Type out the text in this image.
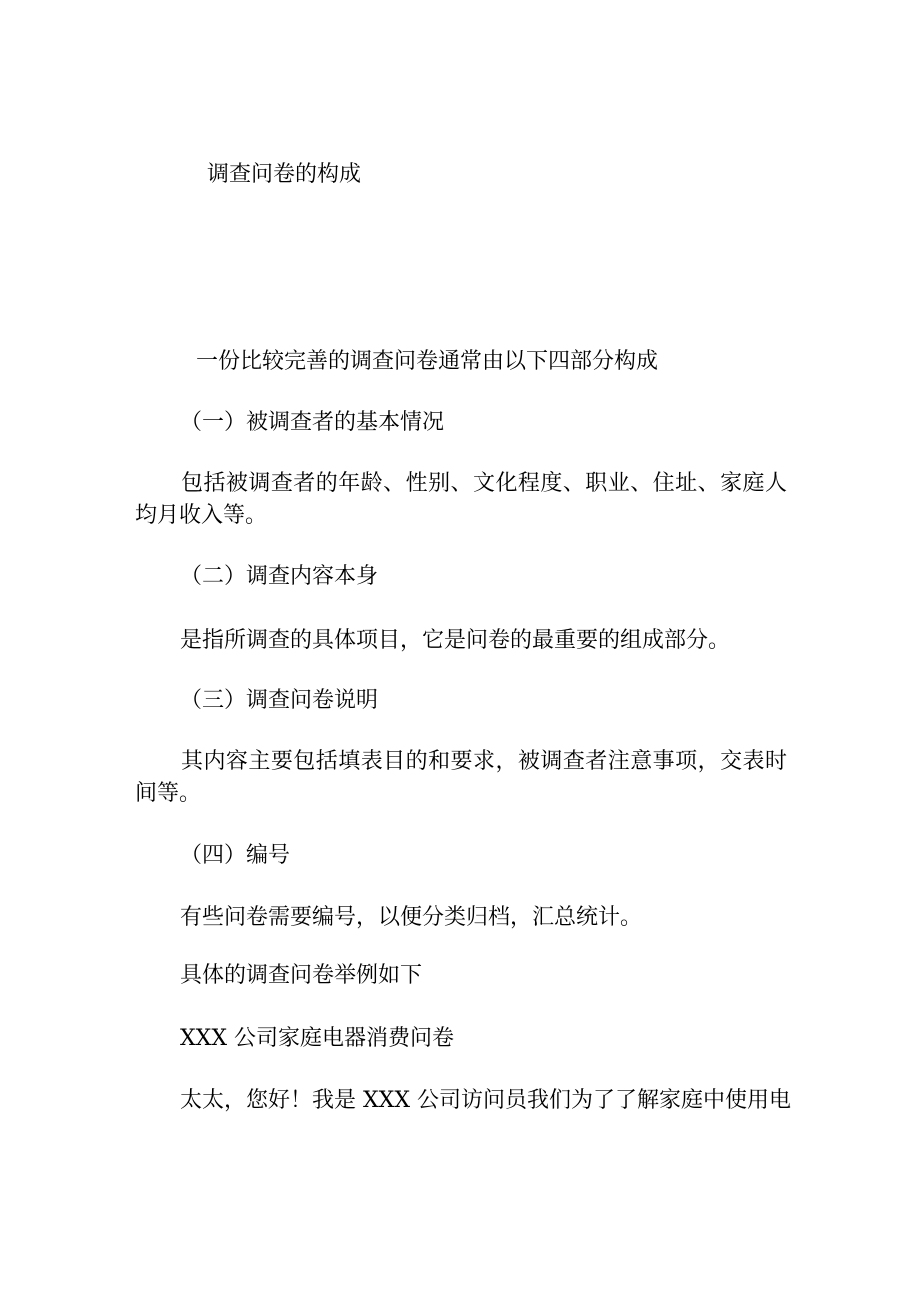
调查问卷的构成

一份比较完善的调查问卷通常由以下四部分构成

（一）被调查者的基本情况

包括被调查者的年龄、性别、文化程度、职业、住址、家庭人均月收入等。

（二）调查内容本身

是指所调查的具体项目，它是问卷的最重要的组成部分。

（三）调查问卷说明

其内容主要包括填表目的和要求，被调查者注意事项，交表时间等。

（四）编号

有些问卷需要编号，以便分类归档，汇总统计。

具体的调查问卷举例如下

XXX 公司家庭电器消费问卷

太太，您好！我是 XXX 公司访问员我们为了了解家庭中使用电
